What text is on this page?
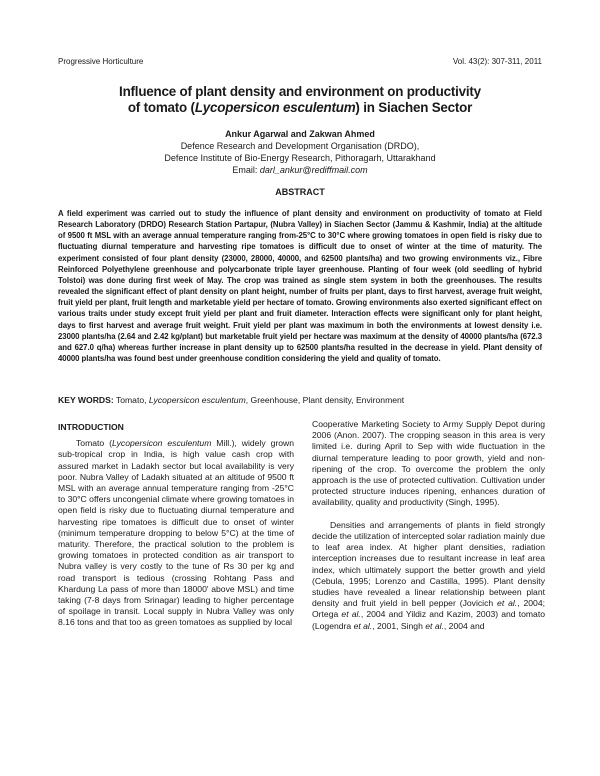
Progressive Horticulture	Vol. 43(2): 307-311, 2011
Influence of plant density and environment on productivity
of tomato (Lycopersicon esculentum) in Siachen Sector
Ankur Agarwal and Zakwan Ahmed
Defence Research and Development Organisation (DRDO),
Defence Institute of Bio-Energy Research, Pithoragarh, Uttarakhand
Email: darl_ankur@rediffmail.com
ABSTRACT
A field experiment was carried out to study the influence of plant density and environment on productivity of tomato at Field Research Laboratory (DRDO) Research Station Partapur, (Nubra Valley) in Siachen Sector (Jammu & Kashmir, India) at the altitude of 9500 ft MSL with an average annual temperature ranging from-25°C to 30°C where growing tomatoes in open field is risky due to fluctuating diurnal temperature and harvesting ripe tomatoes is difficult due to onset of winter at the time of maturity. The experiment consisted of four plant density (23000, 28000, 40000, and 62500 plants/ha) and two growing environments viz., Fibre Reinforced Polyethylene greenhouse and polycarbonate triple layer greenhouse. Planting of four week (old seedling of hybrid Tolstoi) was done during first week of May. The crop was trained as single stem system in both the greenhouses. The results revealed the significant effect of plant density on plant height, number of fruits per plant, days to first harvest, average fruit weight, fruit yield per plant, fruit length and marketable yield per hectare of tomato. Growing environments also exerted significant effect on various traits under study except fruit yield per plant and fruit diameter. Interaction effects were significant only for plant height, days to first harvest and average fruit weight. Fruit yield per plant was maximum in both the environments at lowest density i.e. 23000 plants/ha (2.64 and 2.42 kg/plant) but marketable fruit yield per hectare was maximum at the density of 40000 plants/ha (672.3 and 627.0 q/ha) whereas further increase in plant density up to 62500 plants/ha resulted in the decrease in yield. Plant density of 40000 plants/ha was found best under greenhouse condition considering the yield and quality of tomato.
KEY WORDS: Tomato, Lycopersicon esculentum, Greenhouse, Plant density, Environment
INTRODUCTION

Tomato (Lycopersicon esculentum Mill.), widely grown sub-tropical crop in India, is high value cash crop with assured market in Ladakh sector but local availability is very poor. Nubra Valley of Ladakh situated at an altitude of 9500 ft MSL with an average annual temperature ranging from -25°C to 30°C offers uncongenial climate where growing tomatoes in open field is risky due to fluctuating diurnal temperature and harvesting ripe tomatoes is difficult due to onset of winter (minimum temperature dropping to below 5°C) at the time of maturity. Therefore, the practical solution to the problem is growing tomatoes in protected condition as air transport to Nubra valley is very costly to the tune of Rs 30 per kg and road transport is tedious (crossing Rohtang Pass and Khardung La pass of more than 18000' above MSL) and time taking (7-8 days from Srinagar) leading to higher percentage of spoilage in transit. Local supply in Nubra Valley was only 8.16 tons and that too as green tomatoes as supplied by local

Cooperative Marketing Society to Army Supply Depot during 2006 (Anon. 2007). The cropping season in this area is very limited i.e. during April to Sep with wide fluctuation in the diurnal temperature leading to poor growth, yield and non-ripening of the crop. To overcome the problem the only approach is the use of protected cultivation. Cultivation under protected structure induces ripening, enhances duration of availability, quality and productivity (Singh, 1995).

Densities and arrangements of plants in field strongly decide the utilization of intercepted solar radiation mainly due to leaf area index. At higher plant densities, radiation interception increases due to resultant increase in leaf area index, which ultimately support the better growth and yield (Cebula, 1995; Lorenzo and Castilla, 1995). Plant density studies have revealed a linear relationship between plant density and fruit yield in bell pepper (Jovicich et al., 2004; Ortega et al., 2004 and Yildiz and Kazim, 2003) and tomato (Logendra et al., 2001, Singh et al., 2004 and
